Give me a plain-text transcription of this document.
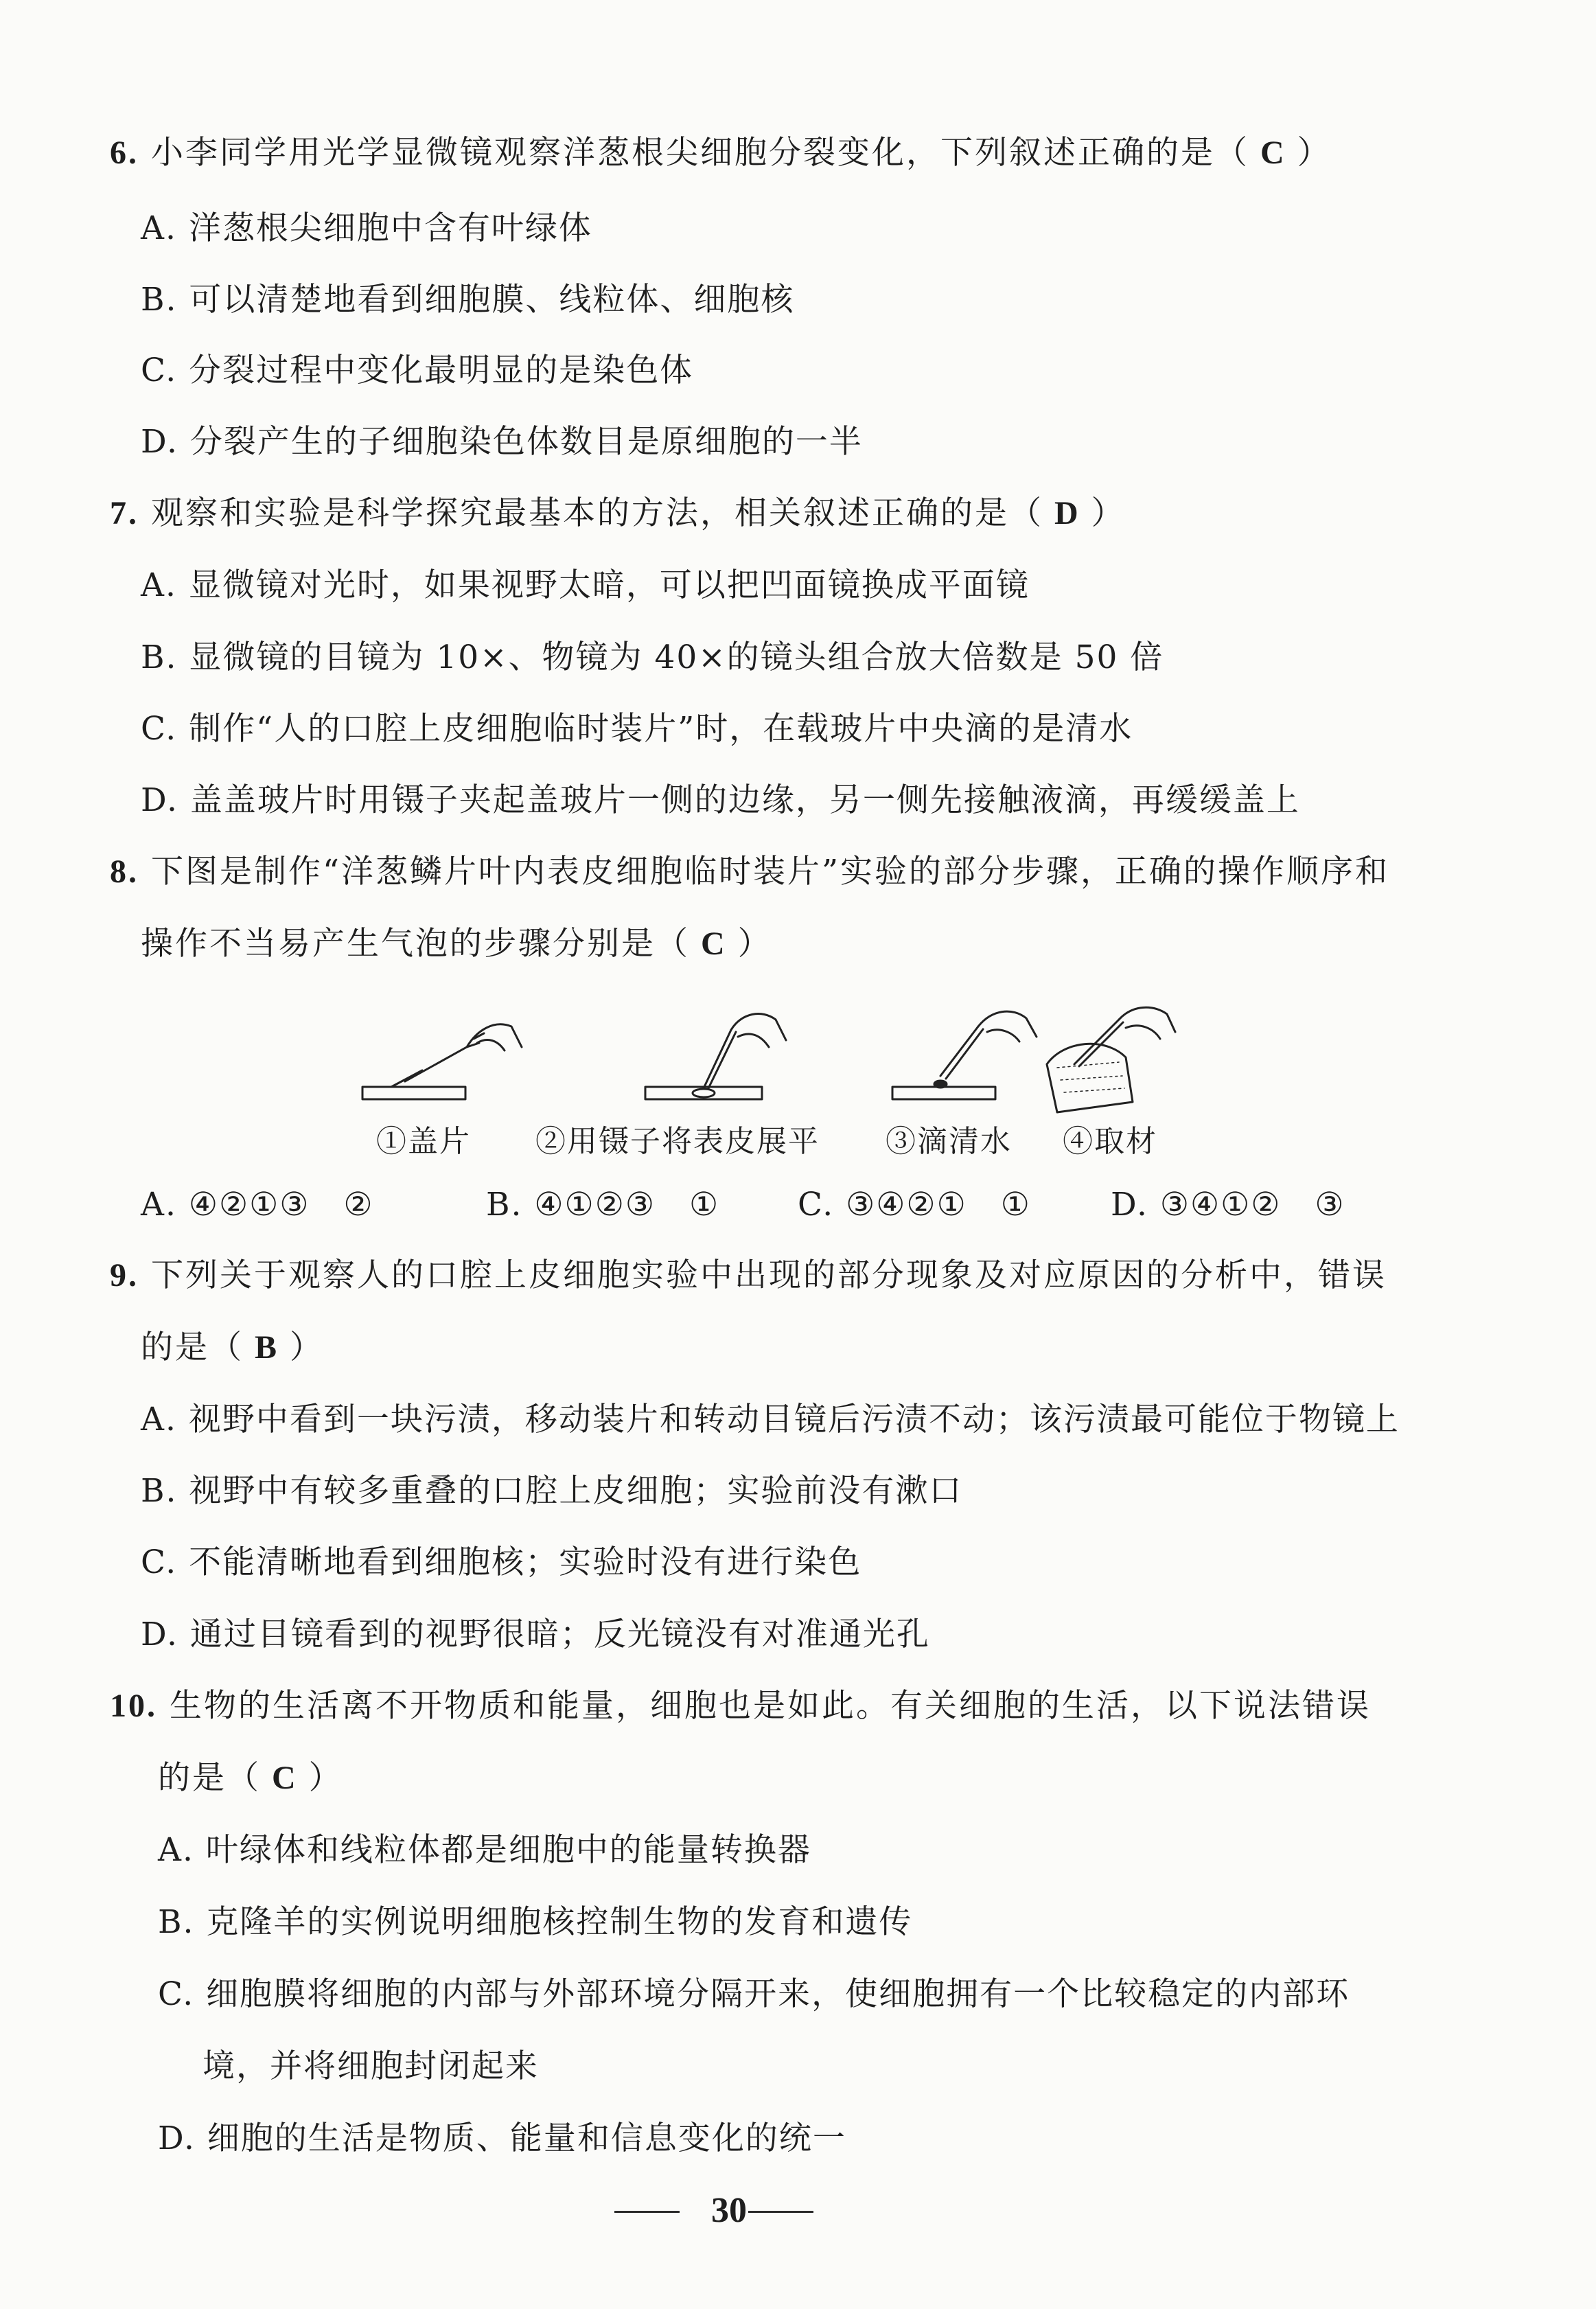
6. 小李同学用光学显微镜观察洋葱根尖细胞分裂变化，下列叙述正确的是（ C ）
A. 洋葱根尖细胞中含有叶绿体
B. 可以清楚地看到细胞膜、线粒体、细胞核
C. 分裂过程中变化最明显的是染色体
D. 分裂产生的子细胞染色体数目是原细胞的一半
7. 观察和实验是科学探究最基本的方法，相关叙述正确的是（ D ）
A. 显微镜对光时，如果视野太暗，可以把凹面镜换成平面镜
B. 显微镜的目镜为 10×、物镜为 40×的镜头组合放大倍数是 50 倍
C. 制作“人的口腔上皮细胞临时装片”时，在载玻片中央滴的是清水
D. 盖盖玻片时用镊子夹起盖玻片一侧的边缘，另一侧先接触液滴，再缓缓盖上
8. 下图是制作“洋葱鳞片叶内表皮细胞临时装片”实验的部分步骤，正确的操作顺序和
操作不当易产生气泡的步骤分别是（ C ）
①盖片 ②用镊子将表皮展平 ③滴清水 ④取材
A. ④②①③　②	B. ④①②③　① C. ③④②①　① D. ③④①②　③
9. 下列关于观察人的口腔上皮细胞实验中出现的部分现象及对应原因的分析中，错误
的是（ B ）
A. 视野中看到一块污渍，移动装片和转动目镜后污渍不动；该污渍最可能位于物镜上
B. 视野中有较多重叠的口腔上皮细胞；实验前没有漱口
C. 不能清晰地看到细胞核；实验时没有进行染色
D. 通过目镜看到的视野很暗；反光镜没有对准通光孔
10. 生物的生活离不开物质和能量，细胞也是如此。有关细胞的生活，以下说法错误
的是（ C ）
A. 叶绿体和线粒体都是细胞中的能量转换器
B. 克隆羊的实例说明细胞核控制生物的发育和遗传
C. 细胞膜将细胞的内部与外部环境分隔开来，使细胞拥有一个比较稳定的内部环
境，并将细胞封闭起来
D. 细胞的生活是物质、能量和信息变化的统一
30
